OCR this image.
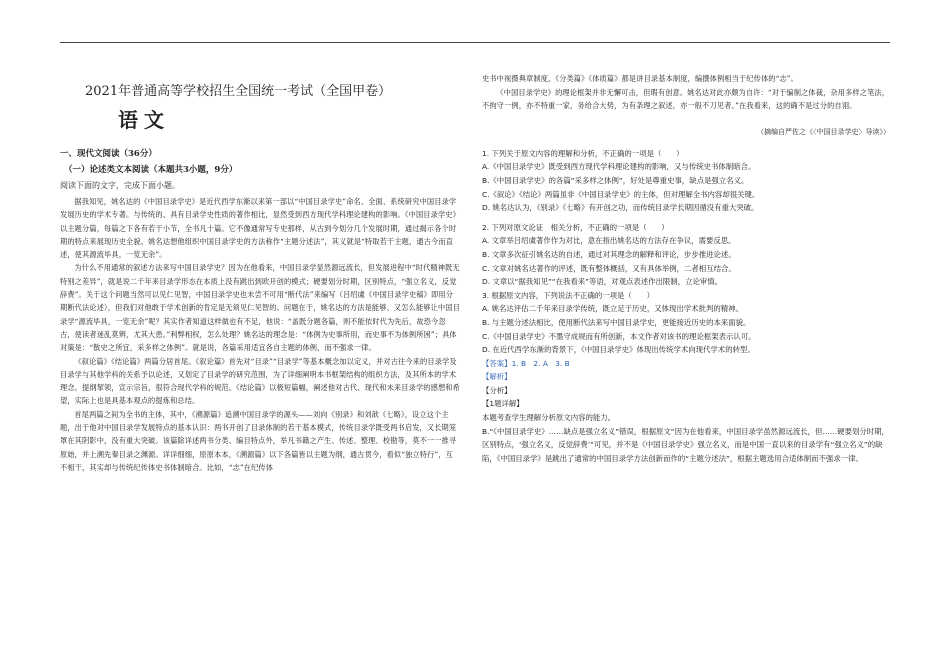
2021年普通高等学校招生全国统一考试（全国甲卷）
语文
一、现代文阅读（36分）
（一）论述类文本阅读（本题共3小题，9分）
阅读下面的文字，完成下面小题。

据我知见，姚名达的《中国目录学史》是近代西学东渐以来第一部以“中国目录学史”命名、全面、系统研究中国目录学发展历史的学术专著。与传统的、具有目录学史性质的著作相比，显然受到西方现代学科理论建构的影响。《中国目录学史》以主题分篇，每篇之下各有若干小节，全书凡十篇。它不像通常写专史那样，从古到今划分几个发展时期，通过揭示各个时期的特点来展现历史全貌。姚名达想他组织中国目录学史的方法称作“主题分述法”，其义就是“特取若干主题，通古今而直述，使其源流毕具，一览无余”。

为什么不用通常的叙述方法来写中国目录学史？因为在他看来，中国目录学显然源远流长，但发展进程中“时代精神既无特别之差异”，就是说二千年来目录学形态在本质上没有跳出到欧开创的模式；硬要划分时期，区别特点，“强立名义，反觉辞费”。关于这个问题当然可以见仁见智，中国目录学史也未尝不可用“断代法”来编写（吕绍虞《中国目录学史稿》即用分期断代法论述），但我们对他敢于学术创新的肯定是无须见仁见智的。问题在于，姚名达的方法是能够、又怎么能够让中国目录学“源流毕具，一览无余”呢？其实作者知道这样做也有不足，他说：“盖既分题各篇，则不能依时代为先后，故恐今忽古，使读者迷乱莫辨，尤其大患。”利弊相权，怎么处理？姚名达的理念是：“体例为史事所用，而史事不为体例所困”；具体对策是：“散史之所宜，采多样之体例”。就是说，各篇采用适宜各自主题的体例，而不强求一律。

《叙论篇》《结论篇》两篇分居首尾。《叙论篇》首先对“目录”“目录学”等基本概念加以定义，并对古往今来的目录学及目录学与其他学科的关系予以论述，又划定了目录学的研究范围，为了详细阐明本书框架结构的组织方法，及其所本的学术理念。提纲挈领，宣示宗旨，很符合现代学科的规范。《结论篇》以极短篇幅，阐述他对古代、现代和未来目录学的感想和希望，实际上也是具基本观点的提炼和总结。

首尾两篇之间为全书的主体，其中，《溯源篇》追溯中国目录学的源头——刘向《别录》和刘歆《七略》，设立这个主题，出于他对中国目录学发展特点的基本认识：两书开创了目录体制的若干基本模式，传统目录学既受两书启发，又长期笼罩在其阴影中，没有重大突破。该篇除详述两书分类、编目特点外，举凡书籍之产生、传述、整理、校勘等，莫不一一推寻原始，并上溯先秦目录之渊源。详详细细，原原本本，《溯源篇》以下各篇皆以主题为纲，通古贯今，看似“独立特行”，互不相干，其实却与传统纪传体史书体制暗合。比如，“志”在纪传体

史书中视摄典章制度，《分类篇》《体质篇》都是讲目录基本制度，编撰体例相当于纪传体的“志”。

《中国目录学史》的理论框架并非无懈可击，但瑕有创意。姚名达对此亦颇为自许：“对于编制之体裁，杂用多样之笔法，不拘守一例，亦不特重一家，务给合大势，为有条理之叙述，亦一般不刀见者。”在我看来，这的确不是过分的自诩。

（摘编自严佐之《〈中国目录学史〉导读》）

1. 下列关于原文内容的理解和分析，不正确的一项是（　　）

A.《中国目录学史》既受到西方现代学科理论建构的影响，又与传统史书体制暗合。

B.《中国目录学史》的各篇“采多样之体例”，好处是尊重史事，缺点是强立名义。

C.《叙论》《结论》两篇虽非《中国目录学史》的主体，但对理解全书内容却很关键。

D. 姚名达认为，《别录》《七略》有开创之功，而传统目录学长期因循没有重大突破。

2. 下列对原文论证　相关分析，不正确的一项是（　　）

A. 文章举吕绍虞著作作为对比，意在指出姚名达的方法存在争议，需要反思。

B. 文章多次征引姚名达的自述，通过对其理念的解释和评论，步步推进论述。

C. 文章对姚名达著作的评述，既有整体概括，又有具体举例，二者相互结合。

D. 文章以“据我知见”“在我看来”等语，对观点表述作出限制，立论审慎。

3. 根据原文内容，下列说法不正确的一项是（　　）

A. 姚名达评估二千年来目录学传统，既立足于历史，又体现出学术批判的精神。

B. 与主题分述法相比，使用断代法来写中国目录学史，更能接近历史的本来面貌。

C.《中国目录学史》不墨守成规而有所创新，本文作者对该书的理论框架表示认可。

D. 在近代西学东渐的背景下，《中国目录学史》体现出传统学术向现代学术的转型。

【答案】1. B　2. A　3. B

【解析】

【分析】

【1题详解】

本题考查学生理解分析原文内容的能力。

B.“《中国目录学史》……缺点是强立名义”错误，根据原文“因为在他看来，中国目录学虽然源远流长，但……硬要划分时期，区别特点，‘强立名义，反觉辞费’”可见，并不是《中国目录学史》强立名义，而是中国一直以来的目录学有“强立名义”的缺陷，《中国目录学》是跳出了通常的中国目录学方法创新而作的“主题分述法”，根据主题选用合适体制而不强求一律。
